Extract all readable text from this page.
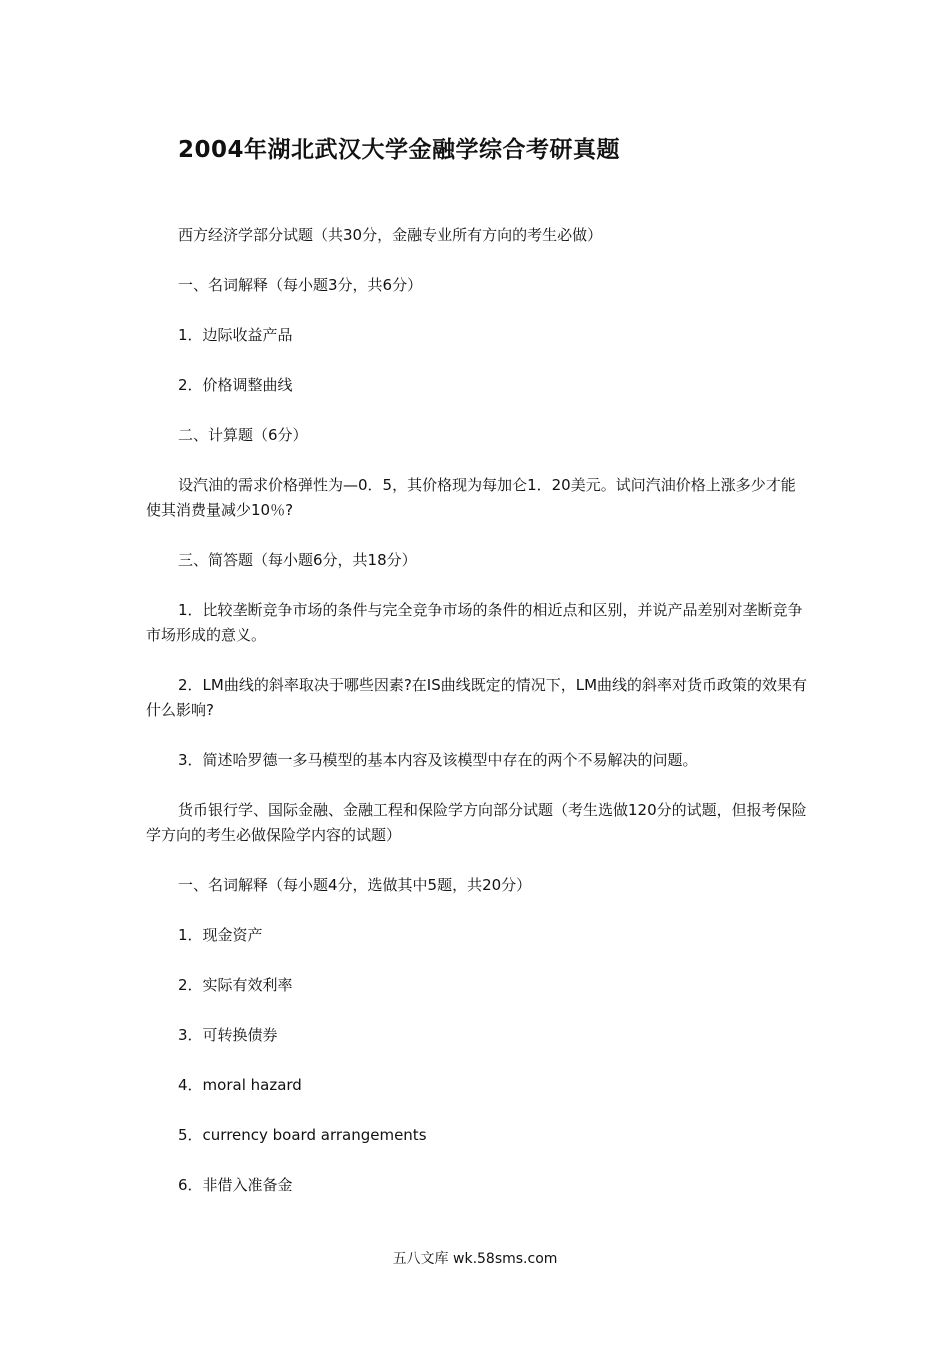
2004年湖北武汉大学金融学综合考研真题

西方经济学部分试题（共30分，金融专业所有方向的考生必做）

一、名词解释（每小题3分，共6分）

1．边际收益产品

2．价格调整曲线

二、计算题（6分）

设汽油的需求价格弹性为—0．5，其价格现为每加仑1．20美元。试问汽油价格上涨多少才能使其消费量减少10％?

三、简答题（每小题6分，共18分）

1．比较垄断竞争市场的条件与完全竞争市场的条件的相近点和区别，并说产品差别对垄断竞争市场形成的意义。

2．LM曲线的斜率取决于哪些因素?在IS曲线既定的情况下，LM曲线的斜率对货币政策的效果有什么影响?

3．简述哈罗德一多马模型的基本内容及该模型中存在的两个不易解决的问题。

货币银行学、国际金融、金融工程和保险学方向部分试题（考生选做120分的试题，但报考保险学方向的考生必做保险学内容的试题）

一、名词解释（每小题4分，选做其中5题，共20分）

1．现金资产

2．实际有效利率

3．可转换债券

4．moral hazard

5．currency board arrangements

6．非借入准备金

五八文库 wk.58sms.com
